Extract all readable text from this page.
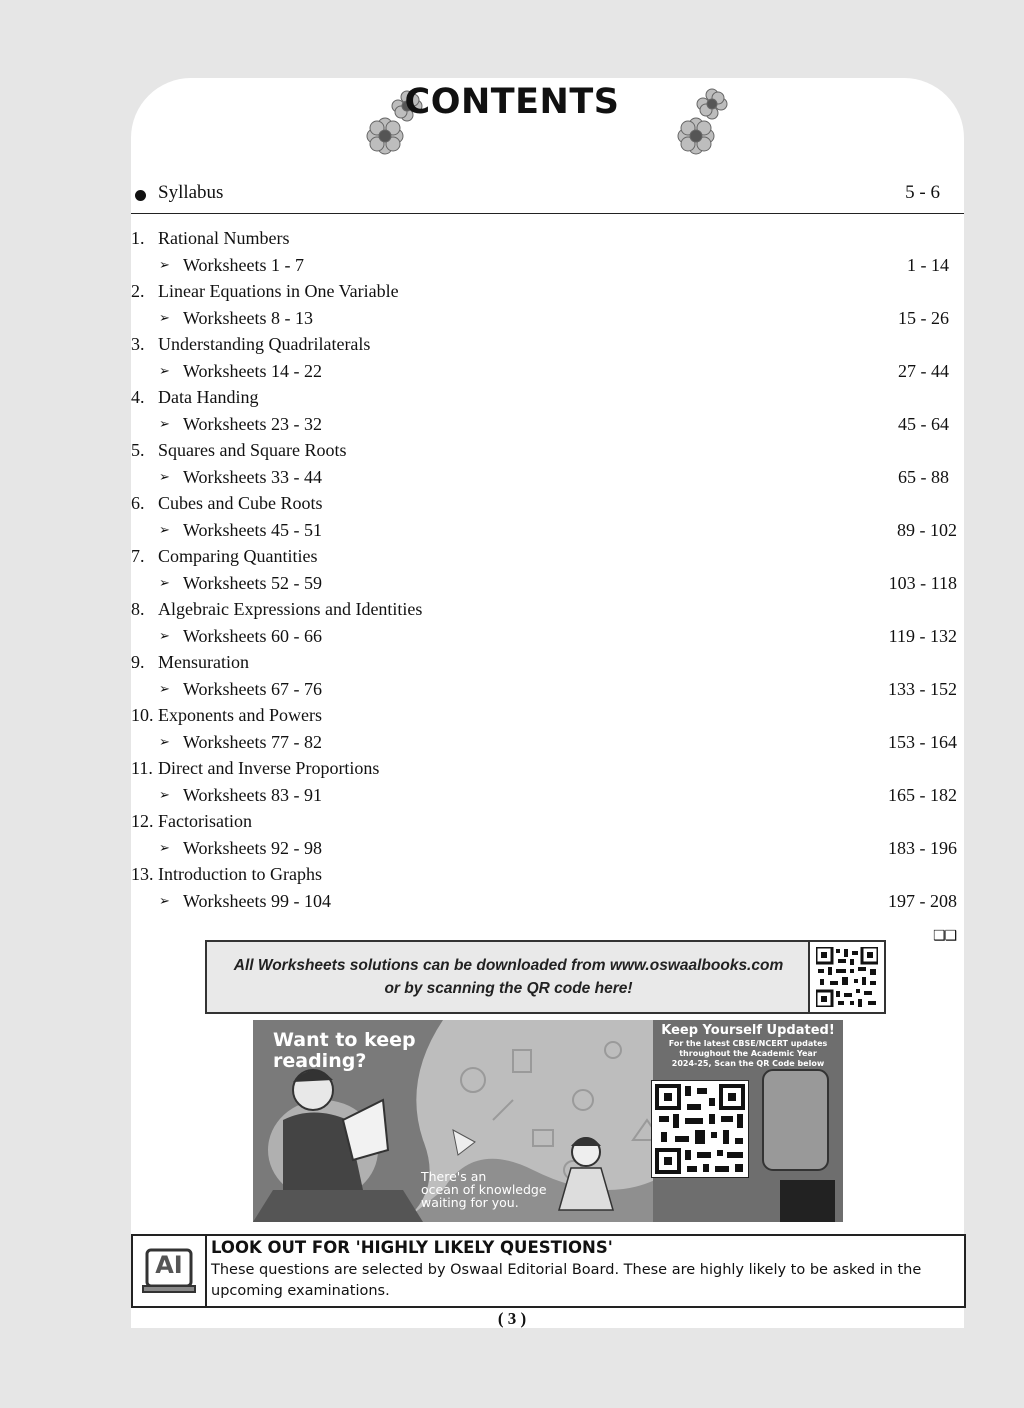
CONTENTS
Syllabus	5 - 6
1. Rational Numbers
➢ Worksheets 1 - 7	1 - 14
2. Linear Equations in One Variable
➢ Worksheets 8 - 13	15 - 26
3. Understanding Quadrilaterals
➢ Worksheets 14 - 22	27 - 44
4. Data Handing
➢ Worksheets 23 - 32	45 - 64
5. Squares and Square Roots
➢ Worksheets 33 - 44	65 - 88
6. Cubes and Cube Roots
➢ Worksheets 45 - 51	89 - 102
7. Comparing Quantities
➢ Worksheets 52 - 59	103 - 118
8. Algebraic Expressions and Identities
➢ Worksheets 60 - 66	119 - 132
9. Mensuration
➢ Worksheets 67 - 76	133 - 152
10. Exponents and Powers
➢ Worksheets 77 - 82	153 - 164
11. Direct and Inverse Proportions
➢ Worksheets 83 - 91	165 - 182
12. Factorisation
➢ Worksheets 92 - 98	183 - 196
13. Introduction to Graphs
➢ Worksheets 99 - 104	197 - 208
❑❑
All Worksheets solutions can be downloaded from www.oswaalbooks.com
or by scanning the QR code here!
Want to keep
reading?
There's an
ocean of knowledge
waiting for you.
Keep Yourself Updated!
For the latest CBSE/NCERT updates
throughout the Academic Year
2024-25, Scan the QR Code below
AI
LOOK OUT FOR 'HIGHLY LIKELY QUESTIONS'
These questions are selected by Oswaal Editorial Board. These are highly likely to be asked in the upcoming examinations.
( 3 )
